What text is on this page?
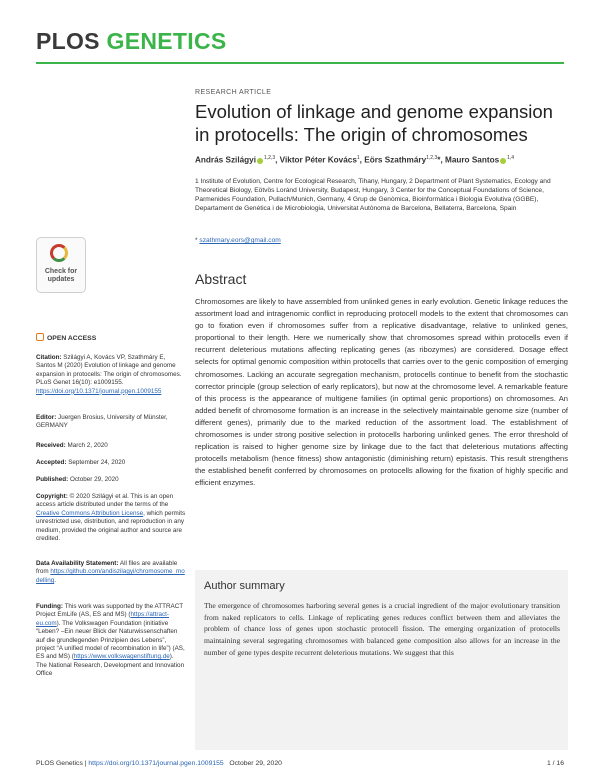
PLOS GENETICS
Check for updates
OPEN ACCESS
Citation: Szilágyi A, Kovács VP, Szathmáry E, Santos M (2020) Evolution of linkage and genome expansion in protocells: The origin of chromosomes. PLoS Genet 16(10): e1009155. https://doi.org/10.1371/journal.pgen.1009155
Editor: Juergen Brosius, University of Münster, GERMANY
Received: March 2, 2020
Accepted: September 24, 2020
Published: October 29, 2020
Copyright: © 2020 Szilágyi et al. This is an open access article distributed under the terms of the Creative Commons Attribution License, which permits unrestricted use, distribution, and reproduction in any medium, provided the original author and source are credited.
Data Availability Statement: All files are available from https://github.com/andiszilagyi/chromosome_modelling.
Funding: This work was supported by the ATTRACT Project EmLife (AS, ES and MS) (https://attract-eu.com). The Volkswagen Foundation (initiative “Leben? –Ein neuer Blick der Naturwissenschaften auf die grundlegenden Prinzipien des Lebens”, project “A unified model of recombination in life”) (AS, ES and MS) (https://www.volkswagenstiftung.de). The National Research, Development and Innovation Office
RESEARCH ARTICLE
Evolution of linkage and genome expansion in protocells: The origin of chromosomes
András Szilágyi $^{1,2,3}$, Viktor Péter Kovács$^1$, Eörs Szathmáry$^{1,2,3}$*, Mauro Santos $^{1,4}$
1 Institute of Evolution, Centre for Ecological Research, Tihany, Hungary, 2 Department of Plant Systematics, Ecology and Theoretical Biology, Eötvös Loránd University, Budapest, Hungary, 3 Center for the Conceptual Foundations of Science, Parmenides Foundation, Pullach/Munich, Germany, 4 Grup de Genòmica, Bioinformàtica i Biologia Evolutiva (GGBE), Departament de Genètica i de Microbiologia, Universitat Autònoma de Barcelona, Bellaterra, Barcelona, Spain
* szathmary.eors@gmail.com
Abstract

Chromosomes are likely to have assembled from unlinked genes in early evolution. Genetic linkage reduces the assortment load and intragenomic conflict in reproducing protocell models to the extent that chromosomes can go to fixation even if chromosomes suffer from a replicative disadvantage, relative to unlinked genes, proportional to their length. Here we numerically show that chromosomes spread within protocells even if recurrent deleterious mutations affecting replicating genes (as ribozymes) are considered. Dosage effect selects for optimal genomic composition within protocells that carries over to the genic composition of emerging chromosomes. Lacking an accurate segregation mechanism, protocells continue to benefit from the stochastic corrector principle (group selection of early replicators), but now at the chromosome level. A remarkable feature of this process is the appearance of multigene families (in optimal genic proportions) on chromosomes. An added benefit of chromosome formation is an increase in the selectively maintainable genome size (number of different genes), primarily due to the marked reduction of the assortment load. The establishment of chromosomes is under strong positive selection in protocells harboring unlinked genes. The error threshold of replication is raised to higher genome size by linkage due to the fact that deleterious mutations affecting protocells metabolism (hence fitness) show antagonistic (diminishing return) epistasis. This result strengthens the established benefit conferred by chromosomes on protocells allowing for the fixation of highly specific and efficient enzymes.

Author summary

The emergence of chromosomes harboring several genes is a crucial ingredient of the major evolutionary transition from naked replicators to cells. Linkage of replicating genes reduces conflict between them and alleviates the problem of chance loss of genes upon stochastic protocell fission. The emerging organization of protocells maintaining several segregating chromosomes with balanced gene composition also allows for an increase in the number of gene types despite recurrent deleterious mutations. We suggest that this

PLOS Genetics | https://doi.org/10.1371/journal.pgen.1009155 October 29, 2020	1 / 16
